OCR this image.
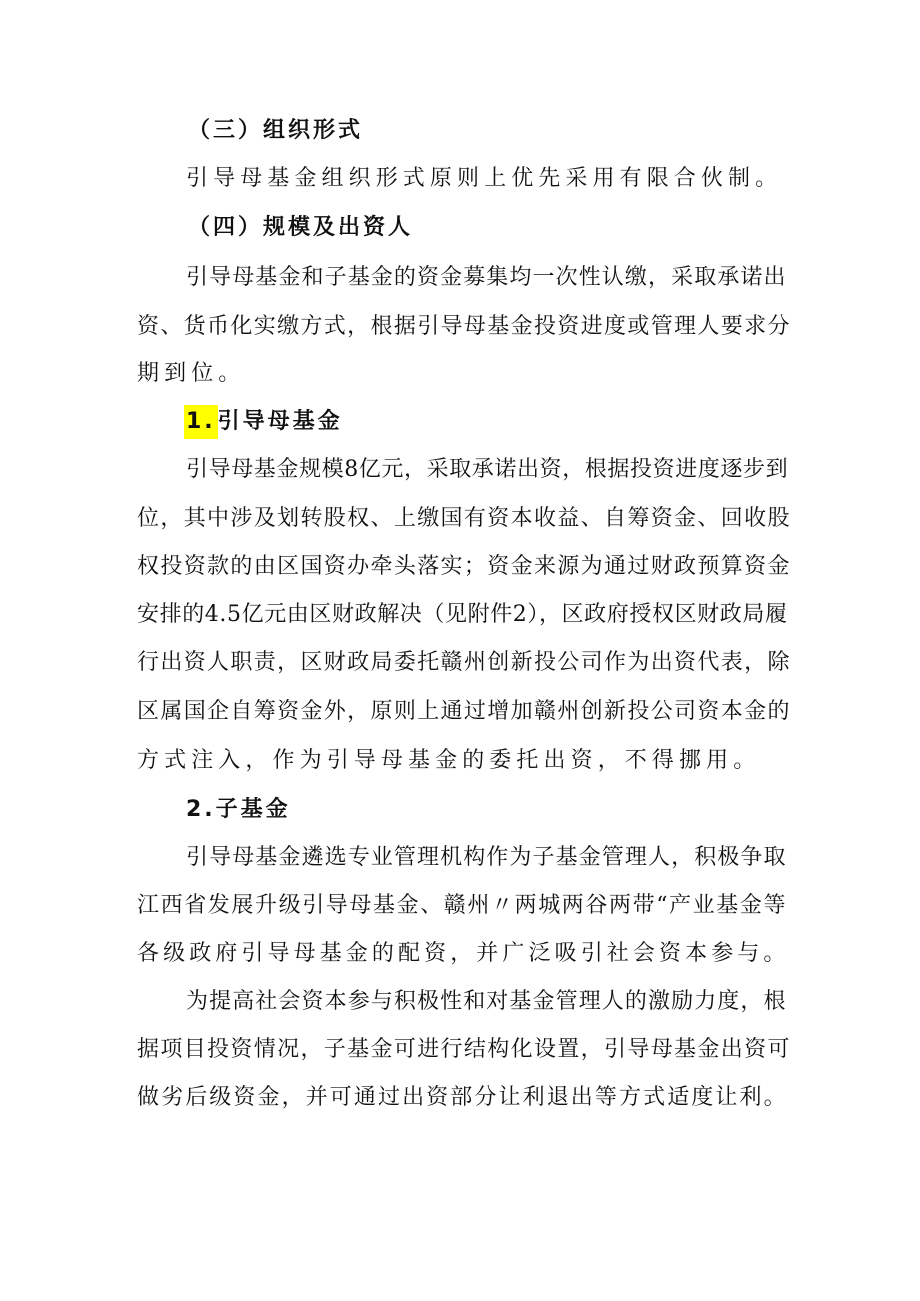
（三）组织形式

引导母基金组织形式原则上优先采用有限合伙制。

（四）规模及出资人

引导母基金和子基金的资金募集均一次性认缴，采取承诺出

资、货币化实缴方式，根据引导母基金投资进度或管理人要求分

期到位。

1.引导母基金

引导母基金规模8亿元，采取承诺出资，根据投资进度逐步到

位，其中涉及划转股权、上缴国有资本收益、自筹资金、回收股

权投资款的由区国资办牵头落实；资金来源为通过财政预算资金

安排的4.5亿元由区财政解决（见附件2），区政府授权区财政局履

行出资人职责，区财政局委托赣州创新投公司作为出资代表，除

区属国企自筹资金外，原则上通过增加赣州创新投公司资本金的

方式注入，作为引导母基金的委托出资，不得挪用。

2.子基金

引导母基金遴选专业管理机构作为子基金管理人，积极争取

江西省发展升级引导母基金、赣州〃两城两谷两带“产业基金等

各级政府引导母基金的配资，并广泛吸引社会资本参与。

为提高社会资本参与积极性和对基金管理人的激励力度，根

据项目投资情况，子基金可进行结构化设置，引导母基金出资可

做劣后级资金，并可通过出资部分让利退出等方式适度让利。
